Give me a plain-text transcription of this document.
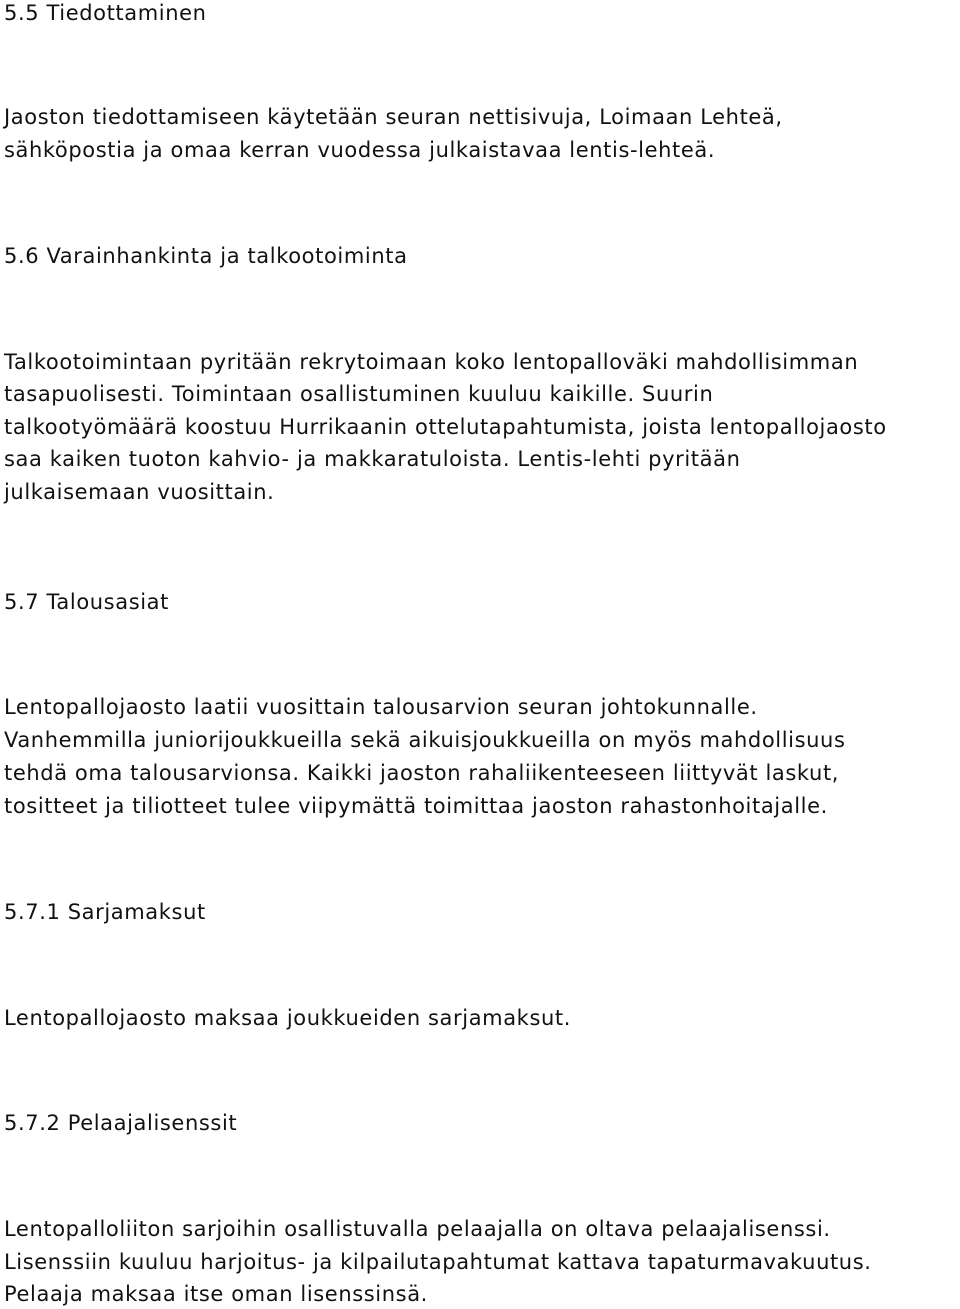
5.5 Tiedottaminen
Jaoston tiedottamiseen käytetään seuran nettisivuja, Loimaan Lehteä,
sähköpostia ja omaa kerran vuodessa julkaistavaa lentis-lehteä.
5.6 Varainhankinta ja talkootoiminta
Talkootoimintaan pyritään rekrytoimaan koko lentopalloväki mahdollisimman
tasapuolisesti. Toimintaan osallistuminen kuuluu kaikille. Suurin
talkootyömäärä koostuu Hurrikaanin ottelutapahtumista, joista lentopallojaosto
saa kaiken tuoton kahvio- ja makkaratuloista. Lentis-lehti pyritään
julkaisemaan vuosittain.
5.7 Talousasiat
Lentopallojaosto laatii vuosittain talousarvion seuran johtokunnalle.
Vanhemmilla juniorijoukkueilla sekä aikuisjoukkueilla on myös mahdollisuus
tehdä oma talousarvionsa. Kaikki jaoston rahaliikenteeseen liittyvät laskut,
tositteet ja tiliotteet tulee viipymättä toimittaa jaoston rahastonhoitajalle.
5.7.1 Sarjamaksut
Lentopallojaosto maksaa joukkueiden sarjamaksut.
5.7.2 Pelaajalisenssit
Lentopalloliiton sarjoihin osallistuvalla pelaajalla on oltava pelaajalisenssi.
Lisenssiin kuuluu harjoitus- ja kilpailutapahtumat kattava tapaturmavakuutus.
Pelaaja maksaa itse oman lisenssinsä.
